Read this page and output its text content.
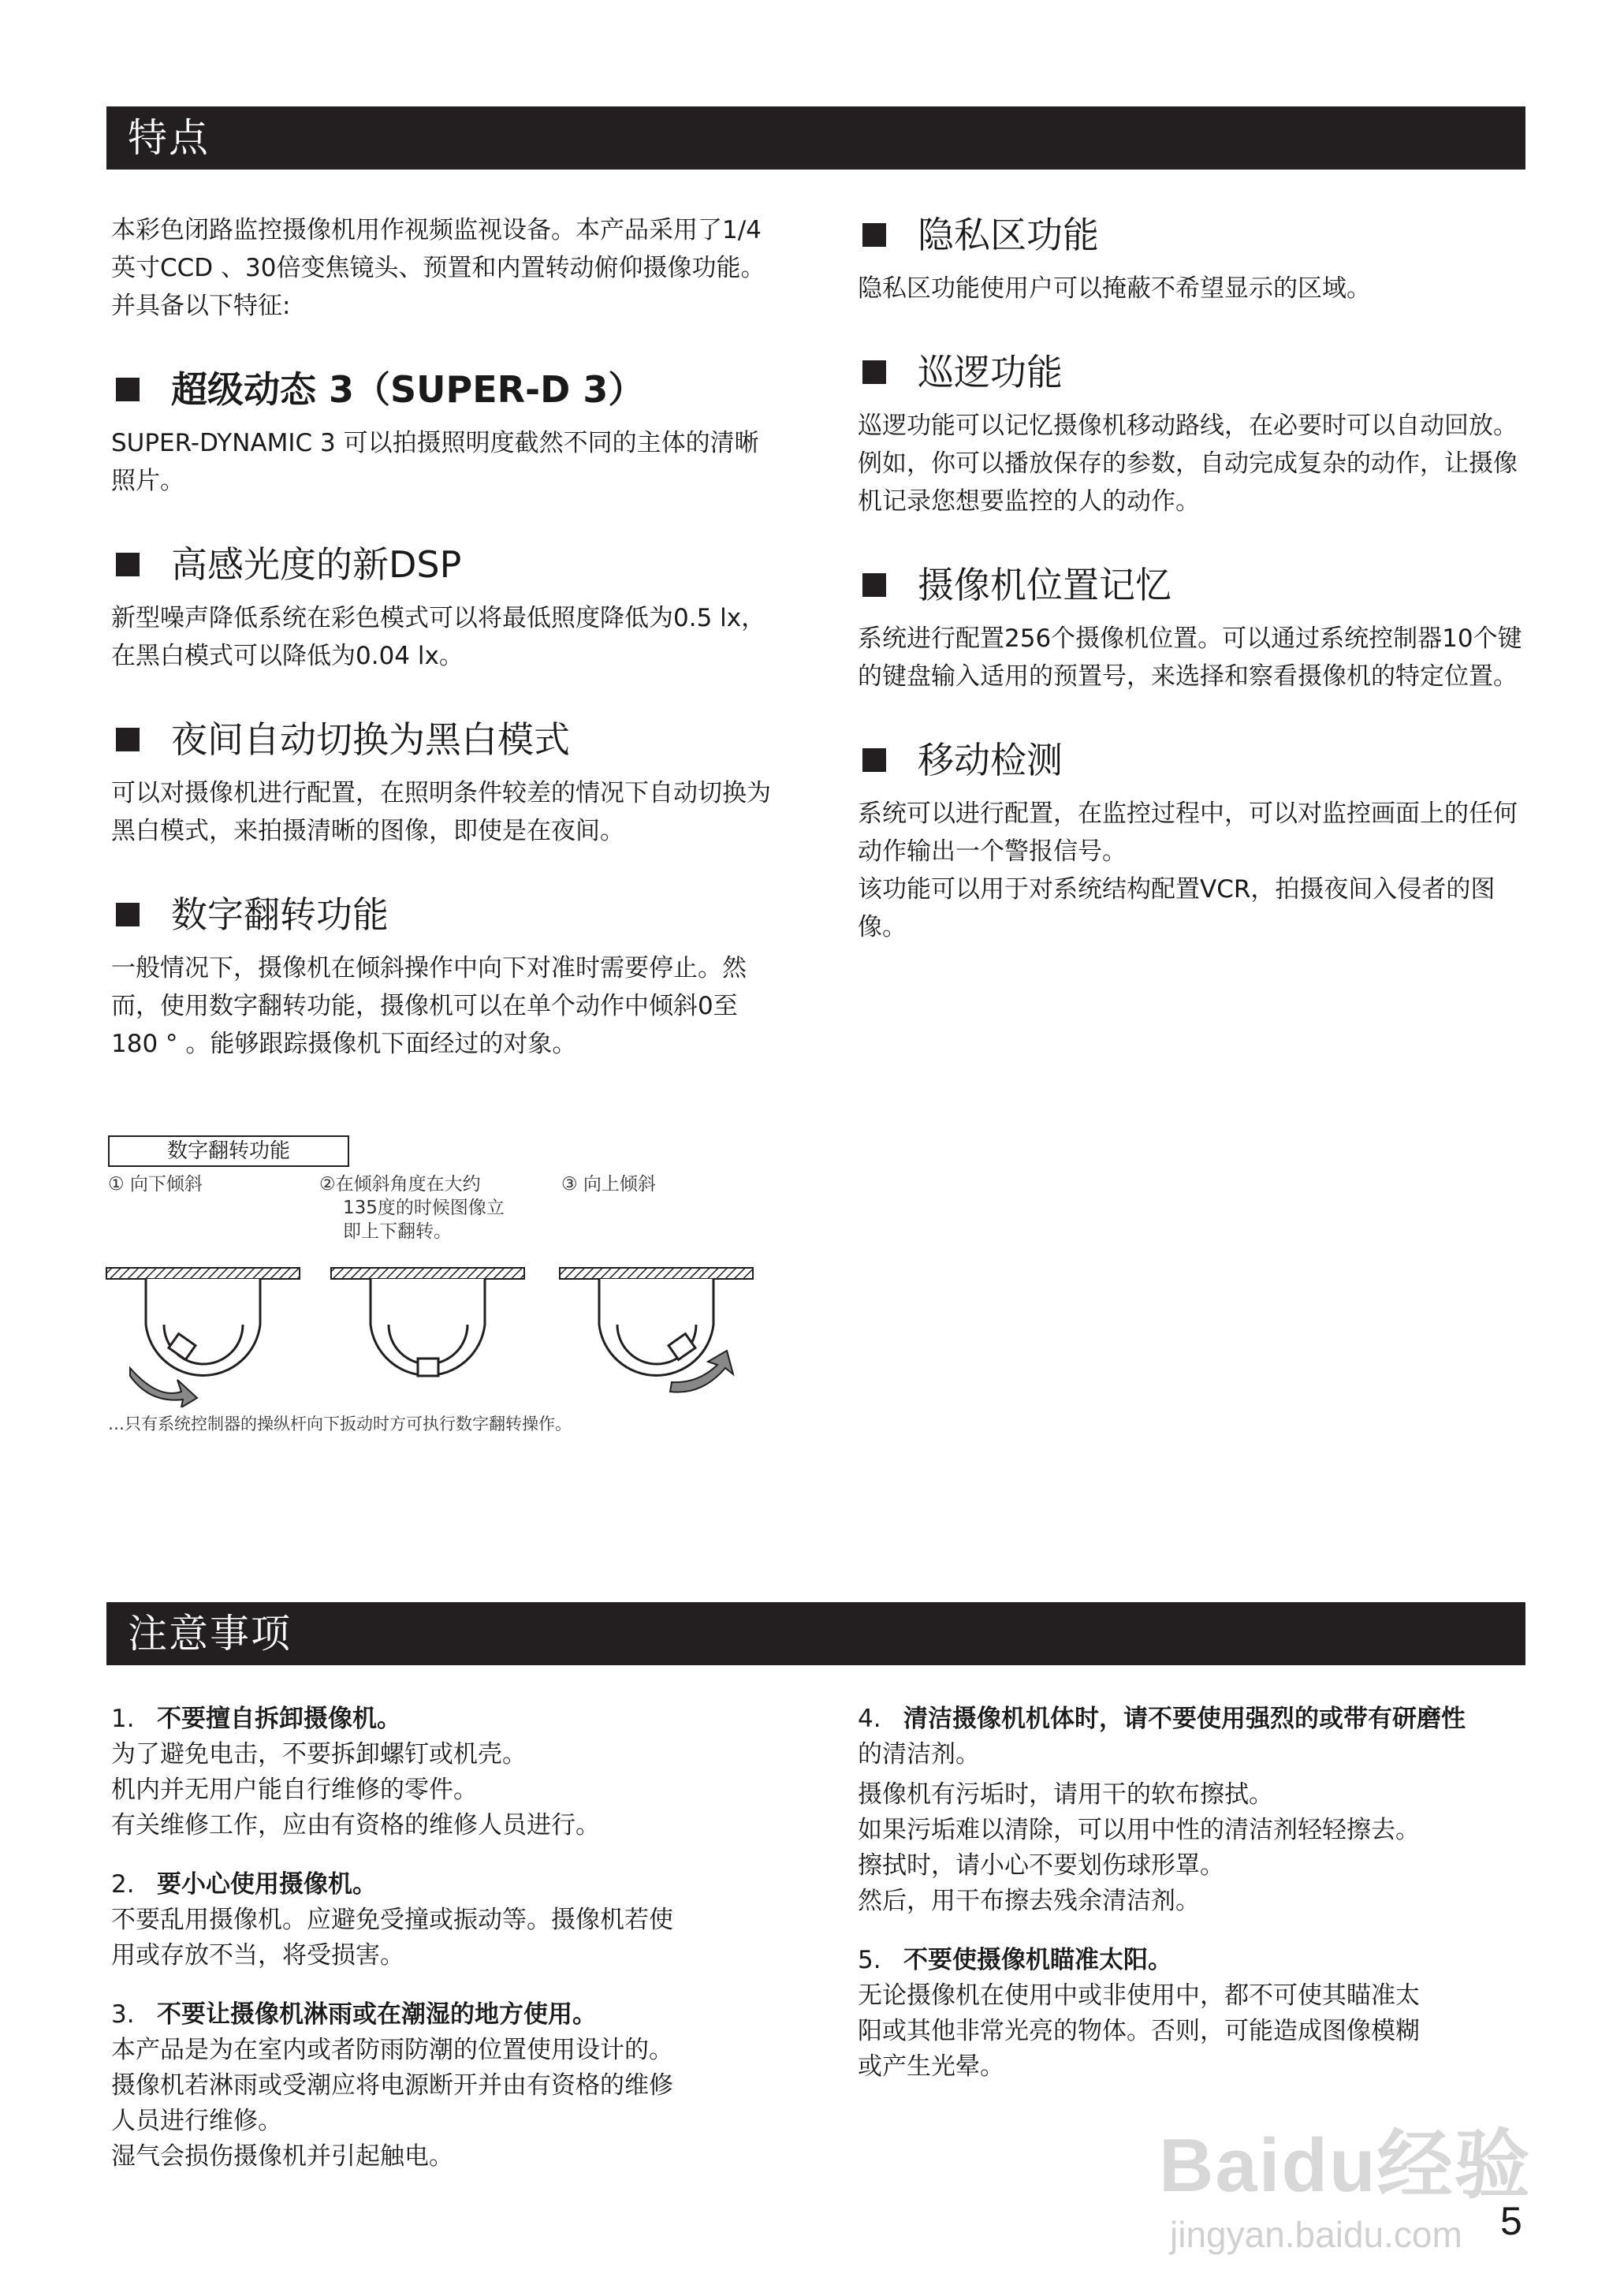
特点

本彩色闭路监控摄像机用作视频监视设备。本产品采用了1/4 英寸CCD 、30倍变焦镜头、预置和内置转动俯仰摄像功能。并具备以下特征:

超级动态 3（SUPER-D 3）

SUPER-DYNAMIC 3 可以拍摄照明度截然不同的主体的清晰照片。

高感光度的新DSP

新型噪声降低系统在彩色模式可以将最低照度降低为0.5 lx，在黑白模式可以降低为0.04 lx。

夜间自动切换为黑白模式

可以对摄像机进行配置，在照明条件较差的情况下自动切换为黑白模式，来拍摄清晰的图像，即使是在夜间。

数字翻转功能

一般情况下，摄像机在倾斜操作中向下对准时需要停止。然而，使用数字翻转功能，摄像机可以在单个动作中倾斜0至180 ° 。能够跟踪摄像机下面经过的对象。

隐私区功能

隐私区功能使用户可以掩蔽不希望显示的区域。

巡逻功能

巡逻功能可以记忆摄像机移动路线，在必要时可以自动回放。例如，你可以播放保存的参数，自动完成复杂的动作，让摄像机记录您想要监控的人的动作。

摄像机位置记忆

系统进行配置256个摄像机位置。可以通过系统控制器10个键的键盘输入适用的预置号，来选择和察看摄像机的特定位置。

移动检测

系统可以进行配置，在监控过程中，可以对监控画面上的任何动作输出一个警报信号。

该功能可以用于对系统结构配置VCR，拍摄夜间入侵者的图像。

数字翻转功能
① 向下倾斜	②在倾斜角度在大约
135度的时候图像立
即上下翻转。
③ 向上倾斜
…只有系统控制器的操纵杆向下扳动时方可执行数字翻转操作。
注意事项
1. 不要擅自拆卸摄像机。
为了避免电击，不要拆卸螺钉或机壳。
机内并无用户能自行维修的零件。
有关维修工作，应由有资格的维修人员进行。
2. 要小心使用摄像机。
不要乱用摄像机。应避免受撞或振动等。摄像机若使
用或存放不当，将受损害。
3. 不要让摄像机淋雨或在潮湿的地方使用。
本产品是为在室内或者防雨防潮的位置使用设计的。
摄像机若淋雨或受潮应将电源断开并由有资格的维修
人员进行维修。
湿气会损伤摄像机并引起触电。
4. 清洁摄像机机体时，请不要使用强烈的或带有研磨性
的清洁剂。
摄像机有污垢时，请用干的软布擦拭。
如果污垢难以清除，可以用中性的清洁剂轻轻擦去。
擦拭时，请小心不要划伤球形罩。
然后，用干布擦去残余清洁剂。
5. 不要使摄像机瞄准太阳。
无论摄像机在使用中或非使用中，都不可使其瞄准太
阳或其他非常光亮的物体。否则，可能造成图像模糊
或产生光晕。
Baidu经验
jingyan.baidu.com 5
